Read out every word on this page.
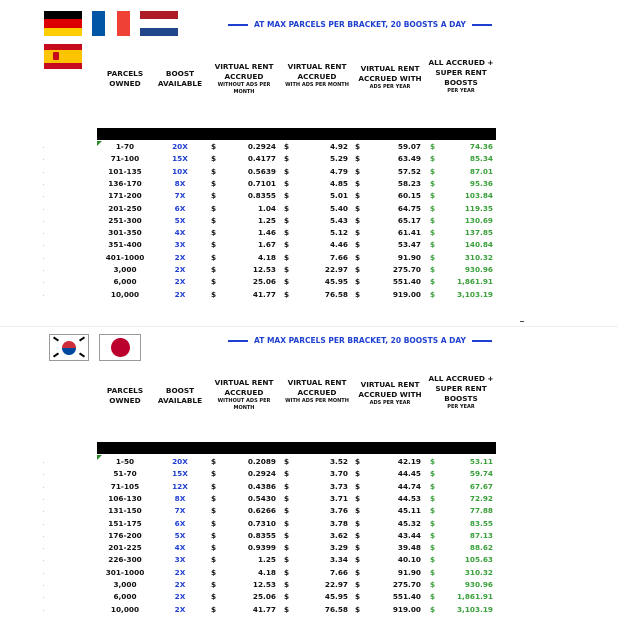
AT MAX PARCELS PER BRACKET, 20 BOOSTS A DAY
PARCELS OWNED
BOOST AVAILABLE
VIRTUAL RENT ACCRUED
WITHOUT ADS PER MONTH
VIRTUAL RENT ACCRUED
WITH ADS PER MONTH
VIRTUAL RENT ACCRUED WITH
ADS PER YEAR
ALL ACCRUED + SUPER RENT BOOSTS
PER YEAR
1-70	20X	$	0.2924 $	4.92 $	59.07 $	74.36
71-100	15X	$	0.4177 $	5.29 $	63.49 $	85.34
101-135	10X	$	0.5639 $	4.79 $	57.52 $	87.01
136-170	8X	$	0.7101 $	4.85 $	58.23 $	95.36
171-200	7X	$	0.8355 $	5.01 $	60.15 $	103.84
201-250	6X	$	1.04 $	5.40 $	64.75 $	119.35
251-300	5X	$	1.25 $	5.43 $	65.17 $	130.69
301-350	4X	$	1.46 $	5.12 $	61.41 $	137.85
351-400	3X	$	1.67 $	4.46 $	53.47 $	140.84
401-1000	2X	$	4.18 $	7.66 $	91.90 $	310.32
3,000	2X	$	12.53 $	22.97 $	275.70 $	930.96
6,000	2X	$	25.06 $	45.95 $	551.40 $	1,861.91
10,000	2X	$	41.77 $	76.58 $	919.00 $	3,103.19
AT MAX PARCELS PER BRACKET, 20 BOOSTS A DAY
PARCELS OWNED
BOOST AVAILABLE
VIRTUAL RENT ACCRUED
WITHOUT ADS PER MONTH
VIRTUAL RENT ACCRUED
WITH ADS PER MONTH
VIRTUAL RENT ACCRUED WITH
ADS PER YEAR
ALL ACCRUED + SUPER RENT BOOSTS
PER YEAR
1-50	20X	$	0.2089 $	3.52 $	42.19 $	53.11
51-70	15X	$	0.2924 $	3.70 $	44.45 $	59.74
71-105	12X	$	0.4386 $	3.73 $	44.74 $	67.67
106-130	8X	$	0.5430 $	3.71 $	44.53 $	72.92
131-150	7X	$	0.6266 $	3.76 $	45.11 $	77.88
151-175	6X	$	0.7310 $	3.78 $	45.32 $	83.55
176-200	5X	$	0.8355 $	3.62 $	43.44 $	87.13
201-225	4X	$	0.9399 $	3.29 $	39.48 $	88.62
226-300	3X	$	1.25 $	3.34 $	40.10 $	105.63
301-1000	2X	$	4.18 $	7.66 $	91.90 $	310.32
3,000	2X	$	12.53 $	22.97 $	275.70 $	930.96
6,000	2X	$	25.06 $	45.95 $	551.40 $	1,861.91
10,000	2X	$	41.77 $	76.58 $	919.00 $	3,103.19
